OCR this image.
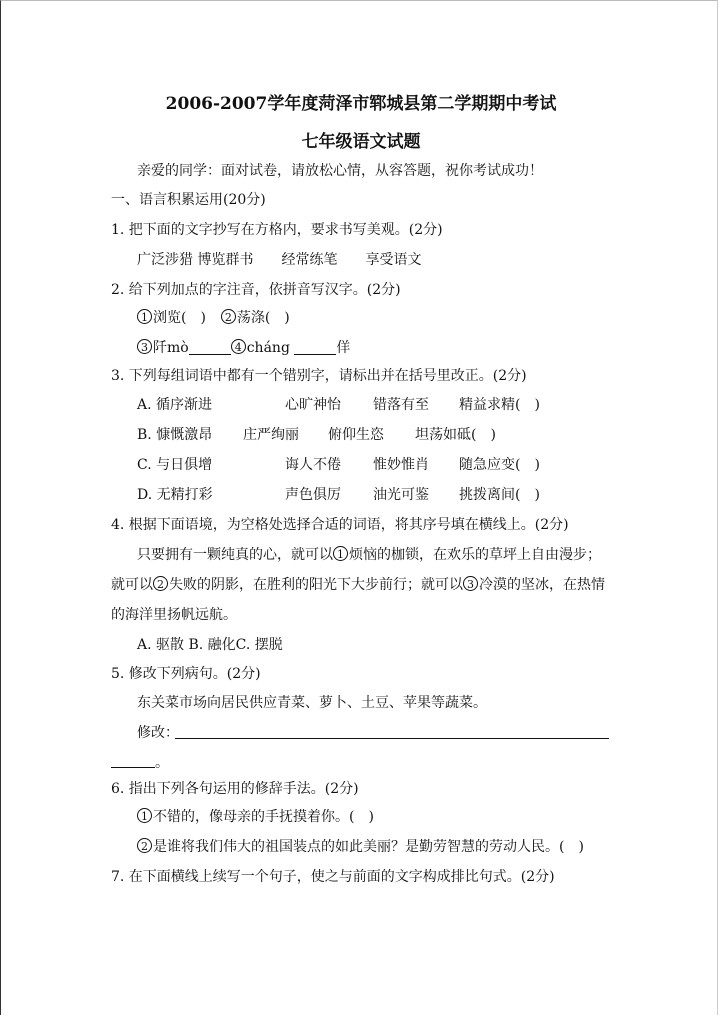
2006-2007学年度菏泽市郓城县第二学期期中考试
七年级语文试题
亲爱的同学：面对试卷，请放松心情，从容答题，祝你考试成功！
一、语言积累运用(20分)
1. 把下面的文字抄写在方格内，要求书写美观。(2分)
广泛涉猎 博览群书　　经常练笔　　享受语文
2. 给下列加点的字注音，依拼音写汉字。(2分)
1 浏览(　) 2 荡涤(　)
3 阡mò	4 cháng	佯
3. 下列每组词语中都有一个错别字，请标出并在括号里改正。(2分)
A. 循序渐进	心旷神怡 错落有至 精益求精(　)
B. 慷慨激昂 庄严绚丽 俯仰生恣 坦荡如砥(　)
C. 与日俱增	诲人不倦 惟妙惟肖 随急应变(　)
D. 无精打彩	声色俱厉 油光可鉴 挑拨离间(　)
4. 根据下面语境，为空格处选择合适的词语，将其序号填在横线上。(2分)
只要拥有一颗纯真的心，就可以 1 烦恼的枷锁，在欢乐的草坪上自由漫步；
就可以 2 失败的阴影，在胜利的阳光下大步前行；就可以 3 冷漠的坚冰，在热情
的海洋里扬帆远航。
A. 驱散 B. 融化C. 摆脱
5. 修改下列病句。(2分)
东关菜市场向居民供应青菜、萝卜、土豆、苹果等蔬菜。
修改：
。
6. 指出下列各句运用的修辞手法。(2分)
1 不错的，像母亲的手抚摸着你。(　)
2 是谁将我们伟大的祖国装点的如此美丽？是勤劳智慧的劳动人民。(　)
7. 在下面横线上续写一个句子，使之与前面的文字构成排比句式。(2分)
